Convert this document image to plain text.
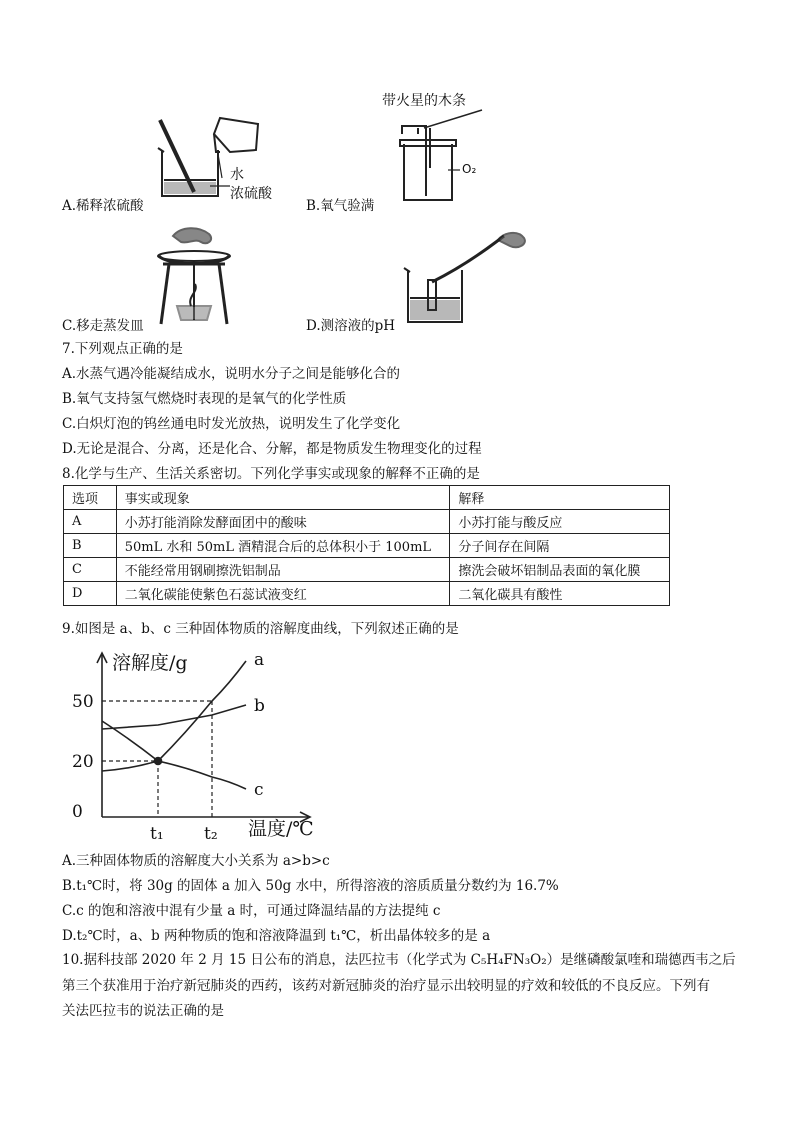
水
浓硫酸
A.稀释浓硫酸
带火星的木条
O₂
B.氧气验满
C.移走蒸发皿	D.测溶液的pH
7.下列观点正确的是
A.水蒸气遇冷能凝结成水，说明水分子之间是能够化合的
B.氧气支持氢气燃烧时表现的是氧气的化学性质
C.白炽灯泡的钨丝通电时发光放热，说明发生了化学变化
D.无论是混合、分离，还是化合、分解，都是物质发生物理变化的过程
8.化学与生产、生活关系密切。下列化学事实或现象的解释不正确的是
选项	事实或现象	解释
A	小苏打能消除发酵面团中的酸味	小苏打能与酸反应
B	50mL 水和 50mL 酒精混合后的总体积小于 100mL	分子间存在间隔
C	不能经常用钢刷擦洗铝制品	擦洗会破坏铝制品表面的氧化膜
D	二氧化碳能使紫色石蕊试液变红	二氧化碳具有酸性
9.如图是 a、b、c 三种固体物质的溶解度曲线，下列叙述正确的是
a
b
c
50
20
0
t₁ t₂
溶解度/g
温度/℃
A.三种固体物质的溶解度大小关系为 a>b>c
B.t₁℃时，将 30g 的固体 a 加入 50g 水中，所得溶液的溶质质量分数约为 16.7%
C.c 的饱和溶液中混有少量 a 时，可通过降温结晶的方法提纯 c
D.t₂℃时，a、b 两种物质的饱和溶液降温到 t₁℃，析出晶体较多的是 a
10.据科技部 2020 年 2 月 15 日公布的消息，法匹拉韦（化学式为 C₅H₄FN₃O₂）是继磷酸氯喹和瑞德西韦之后
第三个获准用于治疗新冠肺炎的西药，该药对新冠肺炎的治疗显示出较明显的疗效和较低的不良反应。下列有
关法匹拉韦的说法正确的是
